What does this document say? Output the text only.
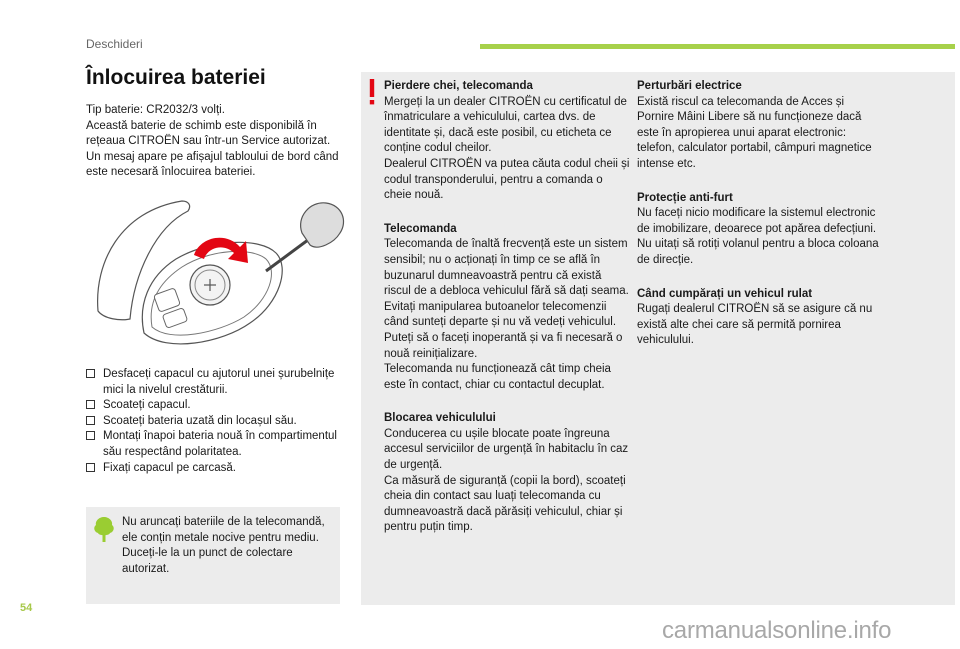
Deschideri
Înlocuirea bateriei

Tip baterie: CR2032/3 volți.

Această baterie de schimb este disponibilă în rețeaua CITROËN sau într-un Service autorizat.

Un mesaj apare pe afișajul tabloului de bord când este necesară înlocuirea bateriei.

Desfaceți capacul cu ajutorul unei șurubelnițe mici la nivelul crestăturii.
Scoateți capacul.
Scoateți bateria uzată din locașul său.
Montați înapoi bateria nouă în compartimentul său respectând polaritatea.
Fixați capacul pe carcasă.
Nu aruncați bateriile de la telecomandă, ele conțin metale nocive pentru mediu. Duceți-le la un punct de colectare autorizat.
Pierdere chei, telecomanda

Mergeți la un dealer CITROËN cu certificatul de înmatriculare a vehiculului, cartea dvs. de identitate și, dacă este posibil, cu eticheta ce conține codul cheilor.

Dealerul CITROËN va putea căuta codul cheii și codul transponderului, pentru a comanda o cheie nouă.

Telecomanda

Telecomanda de înaltă frecvență este un sistem sensibil; nu o acționați în timp ce se află în buzunarul dumneavoastră pentru că există riscul de a debloca vehiculul fără să dați seama.

Evitați manipularea butoanelor telecomenzii când sunteți departe și nu vă vedeți vehiculul. Puteți să o faceți inoperantă și va fi necesară o nouă reinițializare.

Telecomanda nu funcționează cât timp cheia este în contact, chiar cu contactul decuplat.

Blocarea vehiculului

Conducerea cu ușile blocate poate îngreuna accesul serviciilor de urgență în habitaclu în caz de urgență.

Ca măsură de siguranță (copii la bord), scoateți cheia din contact sau luați telecomanda cu dumneavoastră dacă părăsiți vehiculul, chiar și pentru puțin timp.

Perturbări electrice

Există riscul ca telecomanda de Acces și Pornire Mâini Libere să nu funcționeze dacă este în apropierea unui aparat electronic: telefon, calculator portabil, câmpuri magnetice intense etc.

Protecție anti-furt

Nu faceți nicio modificare la sistemul electronic de imobilizare, deoarece pot apărea defecțiuni.

Nu uitați să rotiți volanul pentru a bloca coloana de direcție.

Când cumpărați un vehicul rulat

Rugați dealerul CITROËN să se asigure că nu există alte chei care să permită pornirea vehiculului.

54
carmanualsonline.info
